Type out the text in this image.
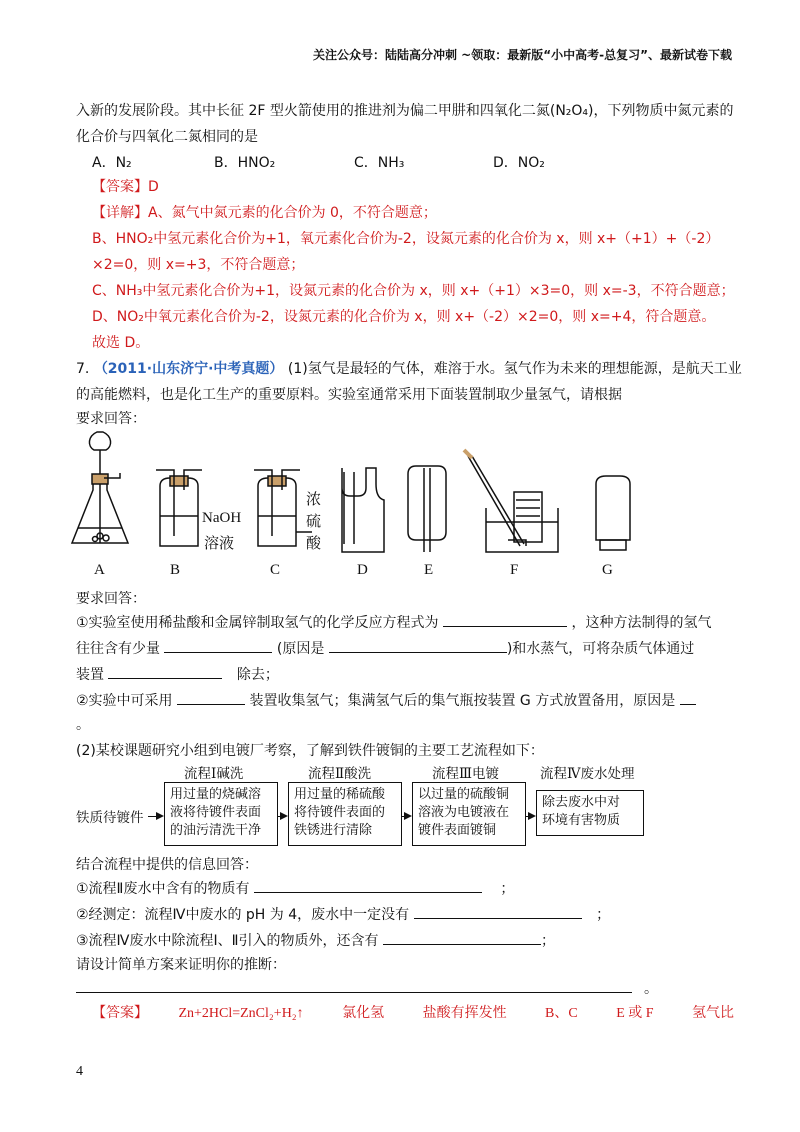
关注公众号：陆陆高分冲刺 ~领取：最新版“小中高考-总复习”、最新试卷下载
入新的发展阶段。其中长征 2F 型火箭使用的推进剂为偏二甲肼和四氧化二氮(N₂O₄)，下列物质中氮元素的
化合价与四氧化二氮相同的是
A．N₂	B．HNO₂	C．NH₃	D．NO₂
【答案】D
【详解】A、氮气中氮元素的化合价为 0，不符合题意；
B、HNO₂中氢元素化合价为+1，氧元素化合价为-2，设氮元素的化合价为 x，则 x+（+1）+（-2）
×2=0，则 x=+3，不符合题意；
C、NH₃中氢元素化合价为+1，设氮元素的化合价为 x，则 x+（+1）×3=0，则 x=-3，不符合题意；
D、NO₂中氧元素化合价为-2，设氮元素的化合价为 x，则 x+（-2）×2=0，则 x=+4，符合题意。
故选 D。
7. （2011·山东济宁·中考真题） (1)氢气是最轻的气体，难溶于水。氢气作为未来的理想能源，是航天工业
的高能燃料，也是化工生产的重要原料。实验室通常采用下面装置制取少量氢气，请根据
要求回答：
NaOH
溶液
浓
硫
酸
A	B	C	D	E	F	G
要求回答：
①实验室使用稀盐酸和金属锌制取氢气的化学反应方程式为	，这种方法制得的氢气
往往含有少量	(原因是	)和水蒸气，可将杂质气体通过
装置	除去；
②实验中可采用	装置收集氢气；集满氢气后的集气瓶按装置 G 方式放置备用，原因是
。
(2)某校课题研究小组到电镀厂考察，了解到铁件镀铜的主要工艺流程如下：
流程Ⅰ碱洗	流程Ⅱ酸洗	流程Ⅲ电镀	流程Ⅳ废水处理
铁质待镀件
用过量的烧碱溶
液将待镀件表面
的油污清洗干净
用过量的稀硫酸
将待镀件表面的
铁锈进行清除
以过量的硫酸铜
溶液为电镀液在
镀件表面镀铜
除去废水中对
环境有害物质
结合流程中提供的信息回答：
①流程Ⅱ废水中含有的物质有	；
②经测定：流程Ⅳ中废水的 pH 为 4，废水中一定没有	；
③流程Ⅳ废水中除流程Ⅰ、Ⅱ引入的物质外，还含有	；
请设计简单方案来证明你的推断：
。
【答案】 Zn+2HCl=ZnCl₂+H₂↑	氯化氢	盐酸有挥发性	B、C	E 或 F	氢气比
4
